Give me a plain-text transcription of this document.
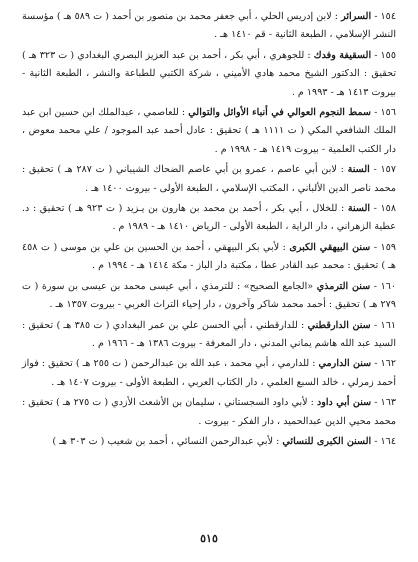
١٥٤ - السرائر : لابن إدريس الحلي ، أبي جعفر محمد بن منصور بن أحمد ( ت ٥٨٩ هـ ) مؤسسة النشر الإسلامي ، الطبعة الثانية - قم ١٤١٠ هـ .

١٥٥ - السقيفة وفدك : للجوهري ، أبي بكر ، أحمد بن عبد العزيز البصري البغدادي ( ت ٣٢٣ هـ ) تحقيق : الدكتور الشيخ محمد هادي الأميني ، شركة الكتبي للطباعة والنشر ، الطبعة الثانية - بيروت ١٤١٣ هـ - ١٩٩٣ م .

١٥٦ - سمط النجوم العوالي في أنباء الأوائل والتوالي : للعاصمي ، عبدالملك ابن حسين ابن عبد الملك الشافعي المكي ( ت ١١١١ هـ ) تحقيق : عادل أحمد عبد الموجود / علي محمد معوض ، دار الكتب العلمية - بيروت ١٤١٩ هـ - ١٩٩٨ م .

١٥٧ - السنة : لابن أبي عاصم ، عمرو بن أبي عاصم الضحاك الشيباني ( ت ٢٨٧ هـ ) تحقيق : محمد ناصر الدين الألباني ، المكتب الإسلامي ، الطبعة الأولى - بيروت ١٤٠٠ هـ .

١٥٨ - السنة : للخلال ، أبي بكر ، أحمد بن محمد بن هارون بن يـزيد ( ت ٩٢٣ هـ ) تحقيق : د. عطية الزهراني ، دار الراية ، الطبعة الأولى - الرياض ١٤١٠ هـ - ١٩٨٩ م .

١٥٩ - سنن البيهقي الكبرى : لأبي بكر البيهقي ، أحمد بن الحسين بن علي بن موسى ( ت ٤٥٨ هـ ) تحقيق : محمد عبد القادر عطا ، مكتبة دار الباز - مكة ١٤١٤ هـ - ١٩٩٤ م .

١٦٠ - سنن الترمذي «الجامع الصحيح» : للترمذي ، أبي عيسى محمد بن عيسى بن سورة ( ت ٢٧٩ هـ ) تحقيق : أحمد محمد شاكر وآخرون ، دار إحياء التراث العربي - بيروت ١٣٥٧ هـ .

١٦١ - سنن الدارقطني : للدارقطني ، أبي الحسن علي بن عمر البغدادي ( ت ٣٨٥ هـ ) تحقيق : السيد عبد الله هاشم يماني المدني ، دار المعرفة - بيروت ١٣٨٦ هـ - ١٩٦٦ م .

١٦٢ - سنن الدارمي : للدارمي ، أبي محمد ، عبد الله بن عبدالرحمن ( ت ٢٥٥ هـ ) تحقيق : فواز أحمد زمرلي ، خالد السبع العلمي ، دار الكتاب العربي ، الطبعة الأولى - بيروت ١٤٠٧ هـ .

١٦٣ - سنن أبي داود : لأبي داود السجستاني ، سليمان بن الأشعث الأزدي ( ت ٢٧٥ هـ ) تحقيق : محمد محيي الدين عبدالحميد ، دار الفكر - بيروت .

١٦٤ - السنن الكبرى للنسائي : لأبي عبدالرحمن النسائي ، أحمد بن شعيب ( ت ٣٠٣ هـ )

٥١٥
